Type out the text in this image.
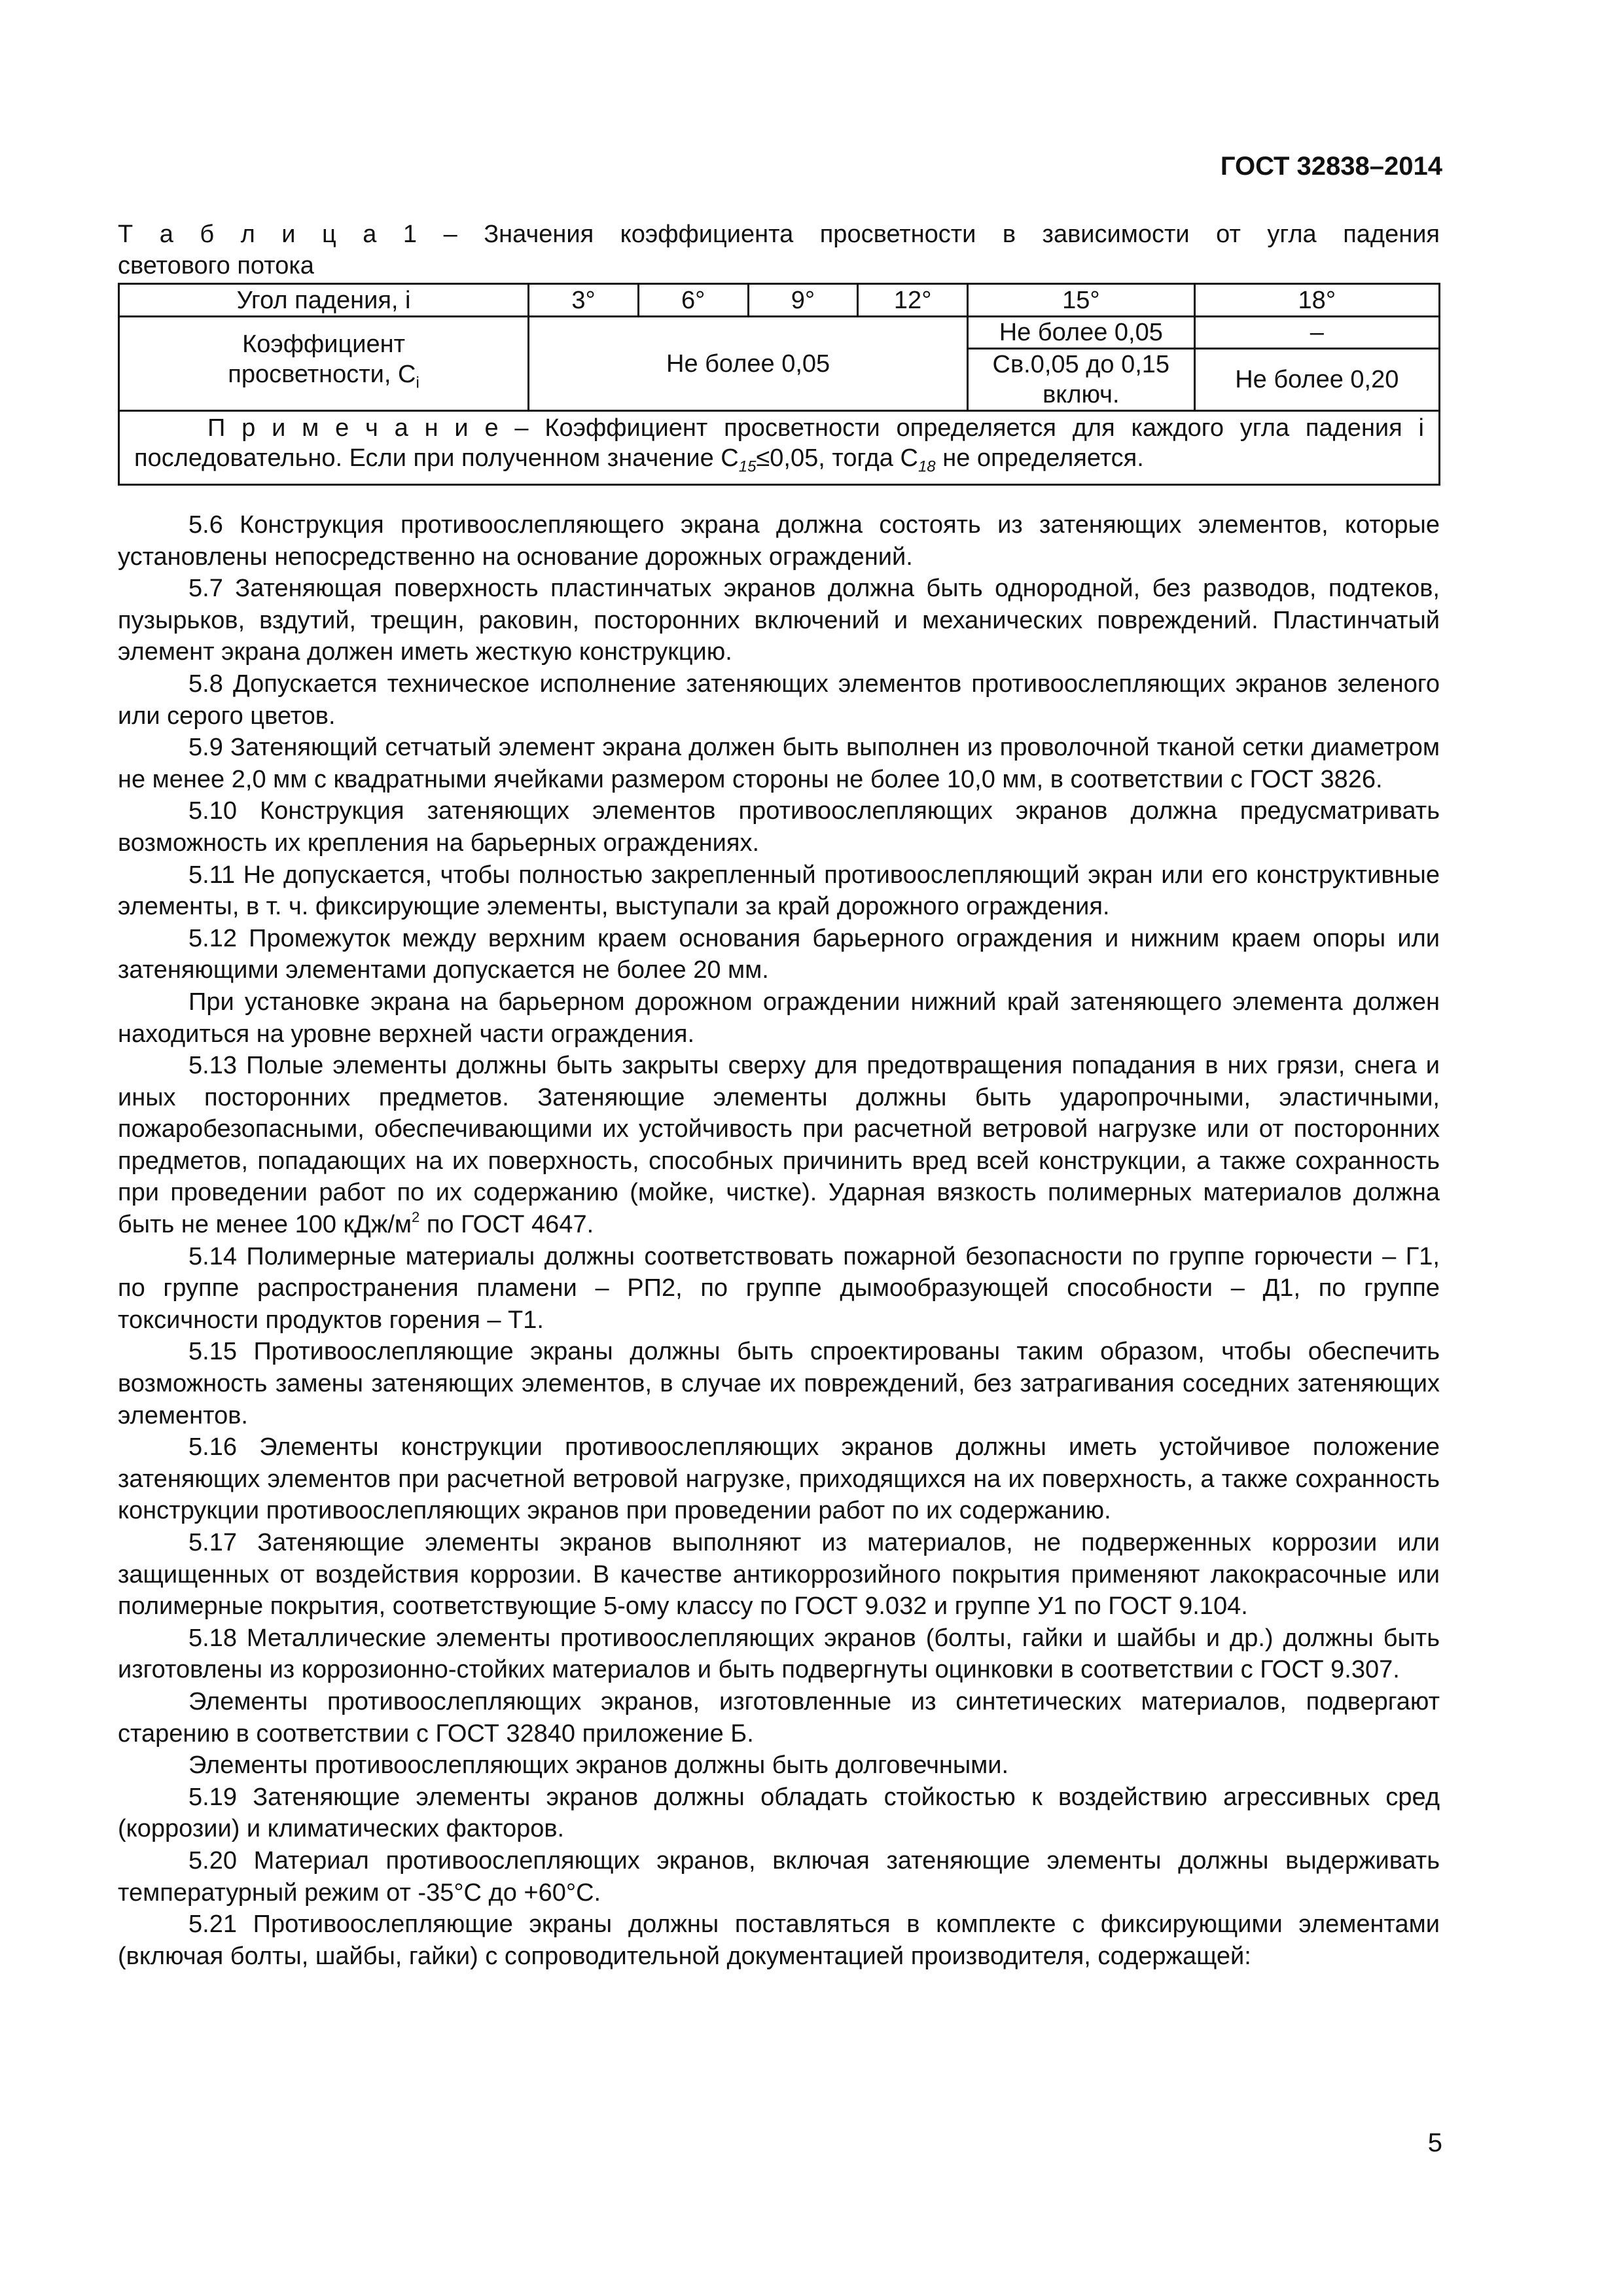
ГОСТ 32838–2014
Т а б л и ц а 1 – Значения коэффициента просветности в зависимости от угла падения
светового потока
Угол падения, i	3°	6°	9°	12°	15°	18°

Коэффициент
просветности, $C_i$	Не более 0,05				Не более 0,05	–
					Св.0,05 до 0,15 включ.	Не более 0,20

П р и м е ч а н и е – Коэффициент просветности определяется для каждого угла падения i
последовательно. Если при полученном значение $C_{15}\le 0,05$, тогда $C_{18}$ не определяется.						

5.6 Конструкция противоослепляющего экрана должна состоять из затеняющих элементов, которые установлены непосредственно на основание дорожных ограждений.

5.7 Затеняющая поверхность пластинчатых экранов должна быть однородной, без разводов, подтеков, пузырьков, вздутий, трещин, раковин, посторонних включений и механических повреждений. Пластинчатый элемент экрана должен иметь жесткую конструкцию.

5.8 Допускается техническое исполнение затеняющих элементов противоослепляющих экранов зеленого или серого цветов.

5.9 Затеняющий сетчатый элемент экрана должен быть выполнен из проволочной тканой сетки диаметром не менее 2,0 мм с квадратными ячейками размером стороны не более 10,0 мм, в соответствии с ГОСТ 3826.

5.10 Конструкция затеняющих элементов противоослепляющих экранов должна предусматривать возможность их крепления на барьерных ограждениях.

5.11 Не допускается, чтобы полностью закрепленный противоослепляющий экран или его конструктивные элементы, в т. ч. фиксирующие элементы, выступали за край дорожного ограждения.

5.12 Промежуток между верхним краем основания барьерного ограждения и нижним краем опоры или затеняющими элементами допускается не более 20 мм.

При установке экрана на барьерном дорожном ограждении нижний край затеняющего элемента должен находиться на уровне верхней части ограждения.

5.13 Полые элементы должны быть закрыты сверху для предотвращения попадания в них грязи, снега и иных посторонних предметов. Затеняющие элементы должны быть ударопрочными, эластичными, пожаробезопасными, обеспечивающими их устойчивость при расчетной ветровой нагрузке или от посторонних предметов, попадающих на их поверхность, способных причинить вред всей конструкции, а также сохранность при проведении работ по их содержанию (мойке, чистке). Ударная вязкость полимерных материалов должна быть не менее 100 кДж/$м^2$ по ГОСТ 4647.

5.14 Полимерные материалы должны соответствовать пожарной безопасности по группе горючести – Г1, по группе распространения пламени – РП2, по группе дымообразующей способности – Д1, по группе токсичности продуктов горения – Т1.

5.15 Противоослепляющие экраны должны быть спроектированы таким образом, чтобы обеспечить возможность замены затеняющих элементов, в случае их повреждений, без затрагивания соседних затеняющих элементов.

5.16 Элементы конструкции противоослепляющих экранов должны иметь устойчивое положение затеняющих элементов при расчетной ветровой нагрузке, приходящихся на их поверхность, а также сохранность конструкции противоослепляющих экранов при проведении работ по их содержанию.

5.17 Затеняющие элементы экранов выполняют из материалов, не подверженных коррозии или защищенных от воздействия коррозии. В качестве антикоррозийного покрытия применяют лакокрасочные или полимерные покрытия, соответствующие 5-ому классу по ГОСТ 9.032 и группе У1 по ГОСТ 9.104.

5.18 Металлические элементы противоослепляющих экранов (болты, гайки и шайбы и др.) должны быть изготовлены из коррозионно-стойких материалов и быть подвергнуты оцинковки в соответствии с ГОСТ 9.307.

Элементы противоослепляющих экранов, изготовленные из синтетических материалов, подвергают старению в соответствии с ГОСТ 32840 приложение Б.

Элементы противоослепляющих экранов должны быть долговечными.

5.19 Затеняющие элементы экранов должны обладать стойкостью к воздействию агрессивных сред (коррозии) и климатических факторов.

5.20 Материал противоослепляющих экранов, включая затеняющие элементы должны выдерживать температурный режим от -35°С до +60°С.

5.21 Противоослепляющие экраны должны поставляться в комплекте с фиксирующими элементами (включая болты, шайбы, гайки) с сопроводительной документацией производителя, содержащей:

5
